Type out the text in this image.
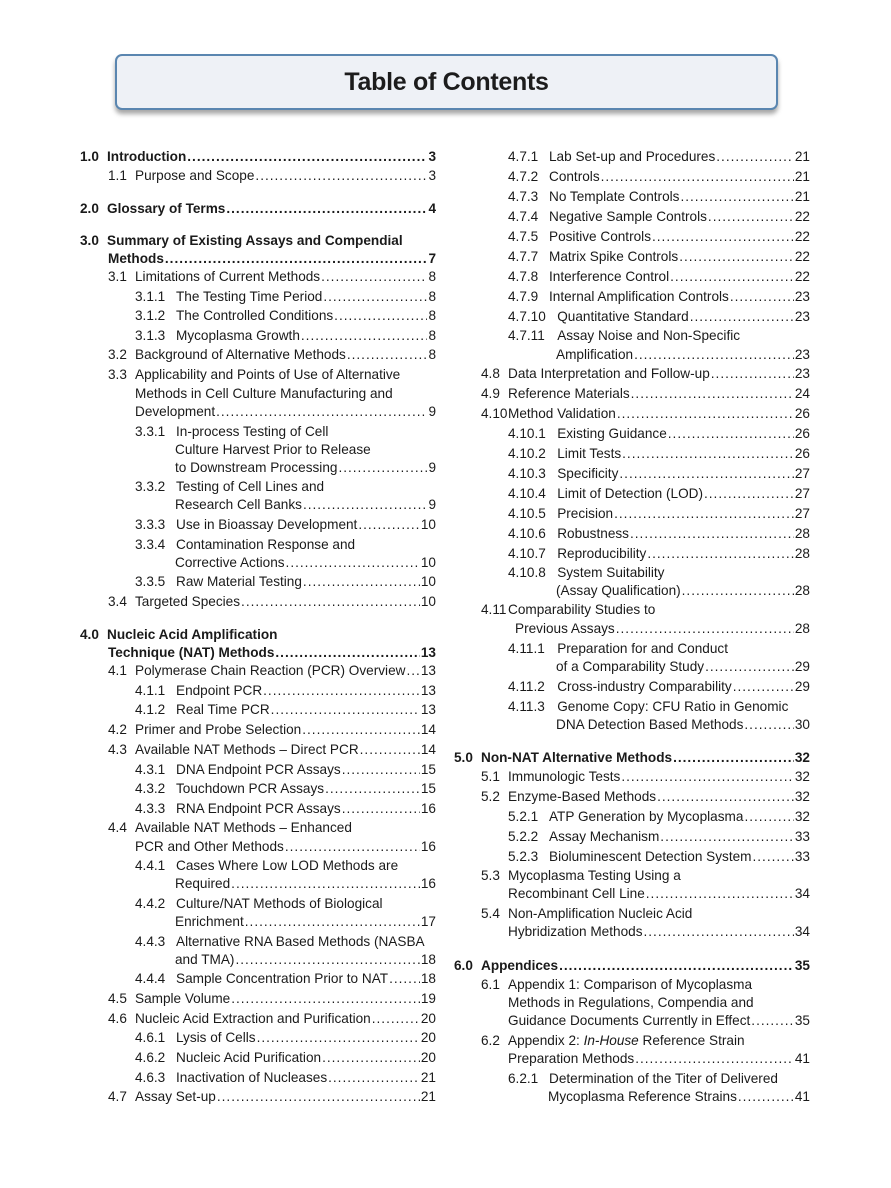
Table of Contents
1.0 Introduction .....	3
1.1 Purpose and Scope .....	3
2.0 Glossary of Terms .....	4
3.0 Summary of Existing Assays and Compendial
Methods .....	7
3.1 Limitations of Current Methods .....	8
3.1.1 The Testing Time Period .....	8
3.1.2 The Controlled Conditions .....	8
3.1.3 Mycoplasma Growth .....	8
3.2 Background of Alternative Methods .....	8
3.3 Applicability and Points of Use of Alternative
Methods in Cell Culture Manufacturing and
Development .....	9
3.3.1 In-process Testing of Cell
Culture Harvest Prior to Release
to Downstream Processing .....	9
3.3.2 Testing of Cell Lines and
Research Cell Banks .....	9
3.3.3 Use in Bioassay Development .....	10
3.3.4 Contamination Response and
Corrective Actions .....	10
3.3.5 Raw Material Testing .....	10
3.4 Targeted Species .....	10
4.0 Nucleic Acid Amplification
Technique (NAT) Methods .....	13
4.1 Polymerase Chain Reaction (PCR) Overview ..... 13
4.1.1 Endpoint PCR .....	13
4.1.2 Real Time PCR .....	13
4.2 Primer and Probe Selection .....	14
4.3 Available NAT Methods – Direct PCR .....	14
4.3.1 DNA Endpoint PCR Assays .....	15
4.3.2 Touchdown PCR Assays .....	15
4.3.3 RNA Endpoint PCR Assays .....	16
4.4 Available NAT Methods – Enhanced
PCR and Other Methods .....	16
4.4.1 Cases Where Low LOD Methods are
Required .....	16
4.4.2 Culture/NAT Methods of Biological
Enrichment .....	17
4.4.3 Alternative RNA Based Methods (NASBA
and TMA) .....	18
4.4.4 Sample Concentration Prior to NAT ..... 18
4.5 Sample Volume .....	19
4.6 Nucleic Acid Extraction and Purification .....	20
4.6.1 Lysis of Cells .....	20
4.6.2 Nucleic Acid Purification .....	20
4.6.3 Inactivation of Nucleases .....	21
4.7 Assay Set-up .....	21
4.7.1 Lab Set-up and Procedures .....	21
4.7.2 Controls .....	21
4.7.3 No Template Controls .....	21
4.7.4 Negative Sample Controls .....	22
4.7.5 Positive Controls .....	22
4.7.7 Matrix Spike Controls .....	22
4.7.8 Interference Control .....	22
4.7.9 Internal Amplification Controls .....	23
4.7.10 Quantitative Standard .....	23
4.7.11 Assay Noise and Non-Specific
Amplification .....	23
4.8 Data Interpretation and Follow-up .....	23
4.9 Reference Materials .....	24
4.10Method Validation .....	26
4.10.1 Existing Guidance .....	26
4.10.2 Limit Tests .....	26
4.10.3 Specificity .....	27
4.10.4 Limit of Detection (LOD) .....	27
4.10.5 Precision .....	27
4.10.6 Robustness .....	28
4.10.7 Reproducibility .....	28
4.10.8 System Suitability
(Assay Qualification) .....	28
4.11 Comparability Studies to
Previous Assays .....	28
4.11.1 Preparation for and Conduct
of a Comparability Study .....	29
4.11.2 Cross-industry Comparability .....	29
4.11.3 Genome Copy: CFU Ratio in Genomic
DNA Detection Based Methods .....	30
5.0 Non-NAT Alternative Methods .....	32
5.1 Immunologic Tests .....	32
5.2 Enzyme-Based Methods .....	32
5.2.1 ATP Generation by Mycoplasma .....	32
5.2.2 Assay Mechanism .....	33
5.2.3 Bioluminescent Detection System .....	33
5.3 Mycoplasma Testing Using a
Recombinant Cell Line .....	34
5.4 Non-Amplification Nucleic Acid
Hybridization Methods .....	34
6.0 Appendices .....	35
6.1 Appendix 1: Comparison of Mycoplasma
Methods in Regulations, Compendia and
Guidance Documents Currently in Effect .....	35
6.2 Appendix 2: In-House Reference Strain
Preparation Methods .....	41
6.2.1 Determination of the Titer of Delivered
Mycoplasma Reference Strains .....	41
